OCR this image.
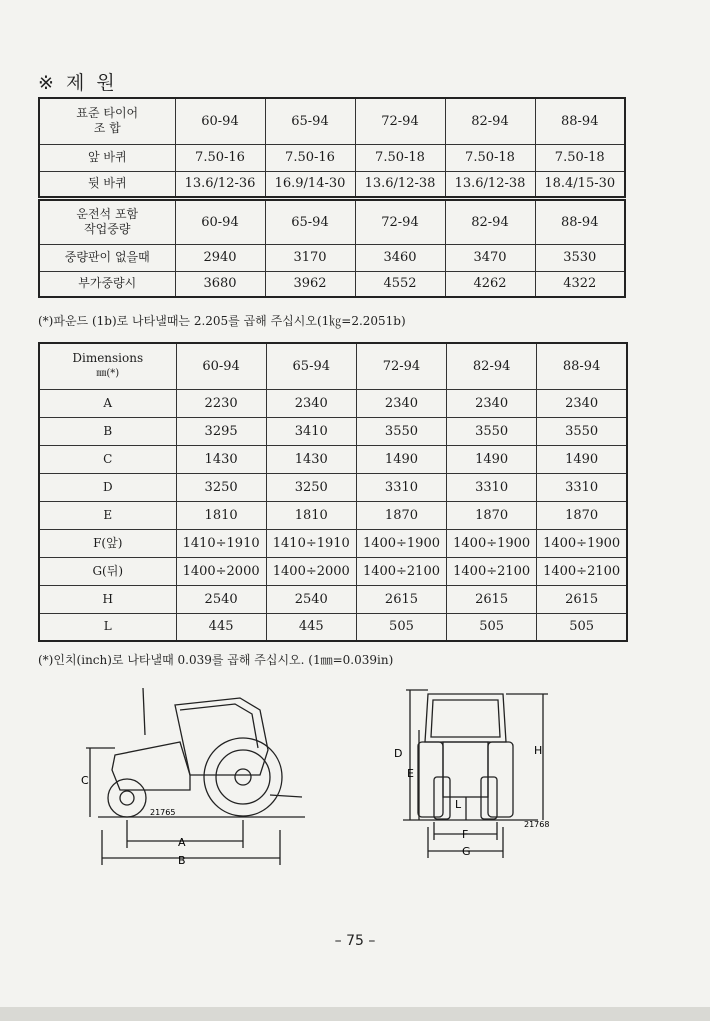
※ 제 원
표준 타이어
조 합	60-94	65-94	72-94	82-94	88-94
앞 바퀴	7.50-16	7.50-16	7.50-18	7.50-18	7.50-18
뒷 바퀴	13.6/12-36	16.9/14-30	13.6/12-38	13.6/12-38	18.4/15-30
운전석 포함
작업중량	60-94	65-94	72-94	82-94	88-94
중량판이 없을때	2940	3170	3460	3470	3530
부가중량시	3680	3962	4552	4262	4322
(*)파운드 (1b)로 나타낼때는 2.205를 곱해 주십시오(1㎏=2.2051b)
Dimensions
㎜(*)	60-94	65-94	72-94	82-94	88-94
A	2230	2340	2340	2340	2340
B	3295	3410	3550	3550	3550
C	1430	1430	1490	1490	1490
D	3250	3250	3310	3310	3310
E	1810	1810	1870	1870	1870
F(앞)	1410÷1910	1410÷1910	1400÷1900	1400÷1900	1400÷1900
G(뒤)	1400÷2000	1400÷2000	1400÷2100	1400÷2100	1400÷2100
H	2540	2540	2615	2615	2615
L	445	445	505	505	505
(*)인치(inch)로 나타낼때 0.039를 곱해 주십시오. (1㎜=0.039in)
C
A
B
21765
D
E
H
L
F
G
21768
– 75 –
